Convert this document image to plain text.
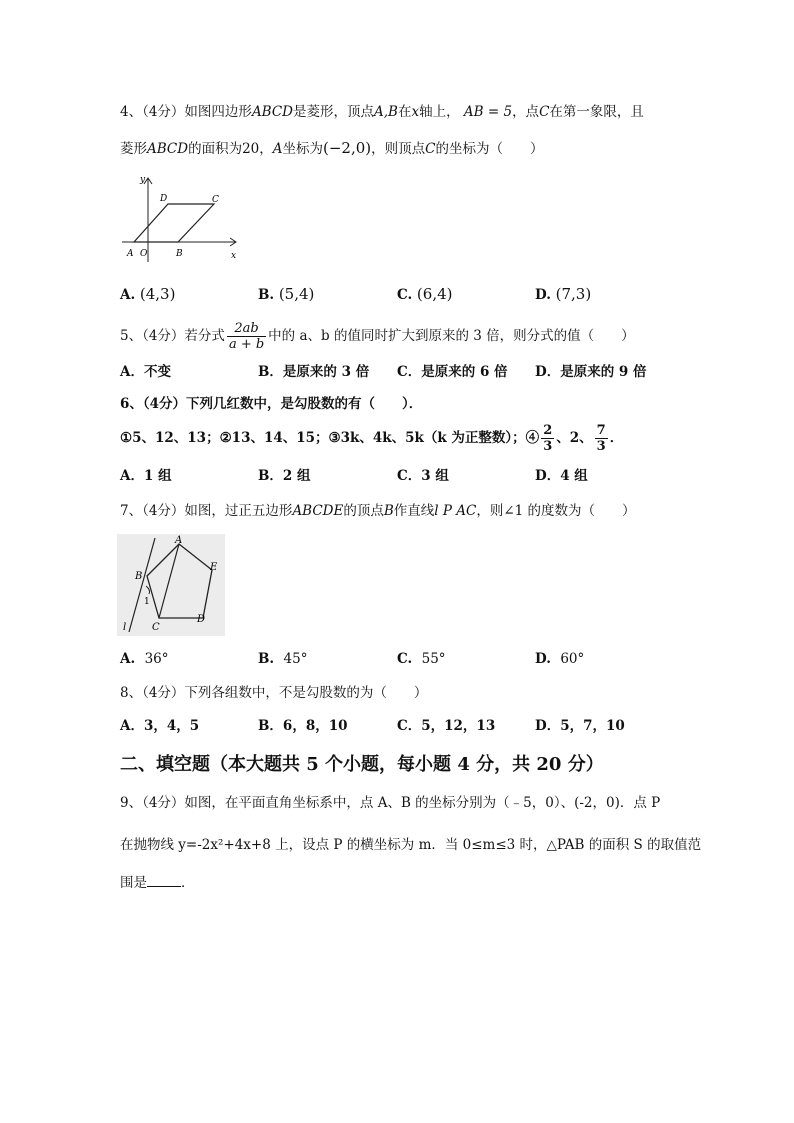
4、（4分）如图四边形ABCD是菱形，顶点A,B在x轴上， AB = 5，点C在第一象限，且
菱形ABCD的面积为20，A坐标为(−2,0)，则顶点C的坐标为（　　）
y
x
D	C
A O	B
A. (4,3)	B. (5,4)	C. (6,4)	D. (7,3)
5、（4分）若分式 $\frac{2ab}{a + b}$ 中的 a、b 的值同时扩大到原来的 3 倍，则分式的值（　　）
A．不变	B．是原来的 3 倍 C．是原来的 6 倍 D．是原来的 9 倍
6、（4分）下列几红数中，是勾股数的有（　　）．
①5、12、13；②13、14、15；③3k、4k、5k（k 为正整数）；④ $\frac{2}{3}$ 、2、 $\frac{7}{3}$ ．
A．1 组	B．2 组	C．3 组	D．4 组
7、（4分）如图，过正五边形ABCDE的顶点B作直线l P AC，则∠1 的度数为（　　）
A
B
C
D
E
1
l
A. 36°	B. 45°	C. 55°	D. 60°
8、（4分）下列各组数中，不是勾股数的为（　　）
A．3，4，5	B．6，8，10	C．5，12，13	D．5，7，10
二、填空题（本大题共 5 个小题，每小题 4 分，共 20 分）
9、（4分）如图，在平面直角坐标系中，点 A、B 的坐标分别为（﹣5，0）、(-2，0)．点 P
在抛物线 y=-2x²+4x+8 上，设点 P 的横坐标为 m．当 0≤m≤3 时，△PAB 的面积 S 的取值范
围是	．
